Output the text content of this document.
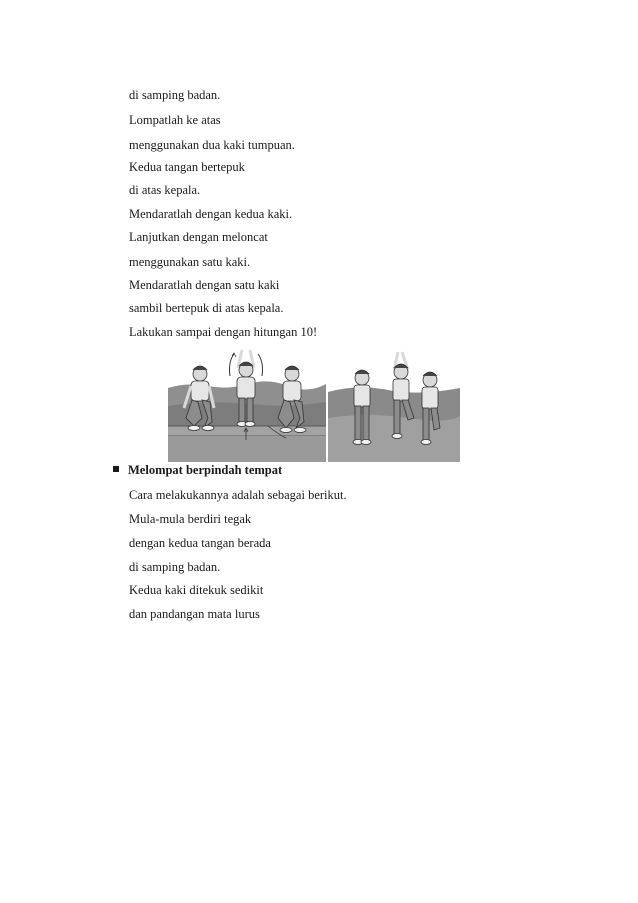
di samping badan.
Lompatlah ke atas
menggunakan dua kaki tumpuan.
Kedua tangan bertepuk
di atas kepala.
Mendaratlah dengan kedua kaki.
Lanjutkan dengan meloncat
menggunakan satu kaki.
Mendaratlah dengan satu kaki
sambil bertepuk di atas kepala.
Lakukan sampai dengan hitungan 10!
Melompat berpindah tempat
Cara melakukannya adalah sebagai berikut.
Mula-mula berdiri tegak
dengan kedua tangan berada
di samping badan.
Kedua kaki ditekuk sedikit
dan pandangan mata lurus
